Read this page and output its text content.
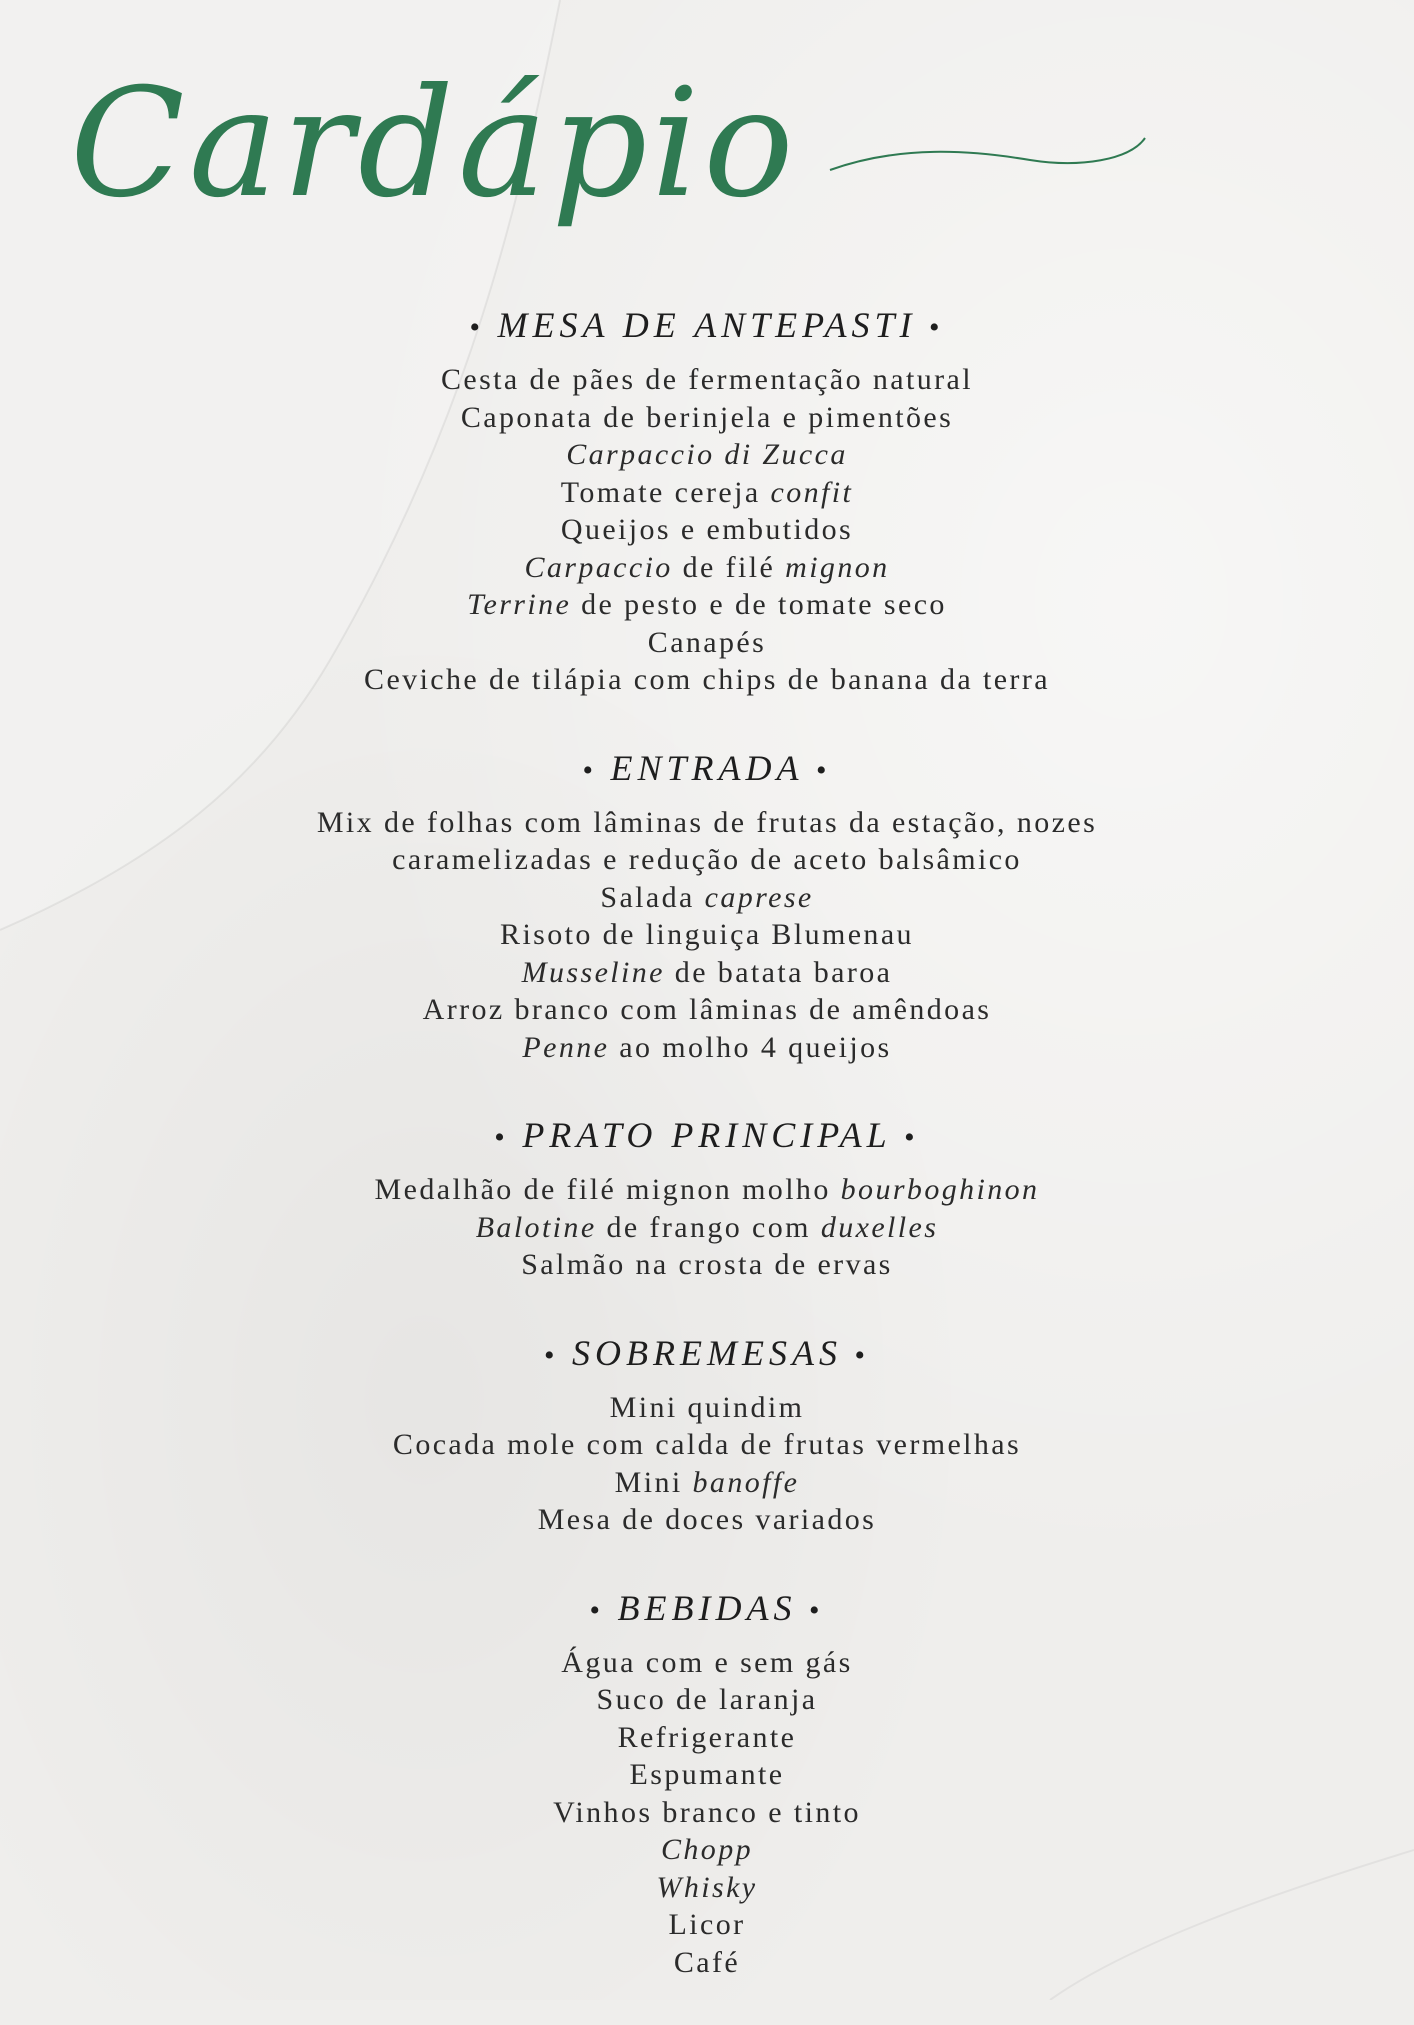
Cardápio
• MESA DE ANTEPASTI •
Cesta de pães de fermentação natural
Caponata de berinjela e pimentões
Carpaccio di Zucca
Tomate cereja confit
Queijos e embutidos
Carpaccio de filé mignon
Terrine de pesto e de tomate seco
Canapés
Ceviche de tilápia com chips de banana da terra
• ENTRADA •
Mix de folhas com lâminas de frutas da estação, nozes
caramelizadas e redução de aceto balsâmico
Salada caprese
Risoto de linguiça Blumenau
Musseline de batata baroa
Arroz branco com lâminas de amêndoas
Penne ao molho 4 queijos
• PRATO PRINCIPAL •
Medalhão de filé mignon molho bourboghinon
Balotine de frango com duxelles
Salmão na crosta de ervas
• SOBREMESAS •
Mini quindim
Cocada mole com calda de frutas vermelhas
Mini banoffe
Mesa de doces variados
• BEBIDAS •
Água com e sem gás
Suco de laranja
Refrigerante
Espumante
Vinhos branco e tinto
Chopp
Whisky
Licor
Café
